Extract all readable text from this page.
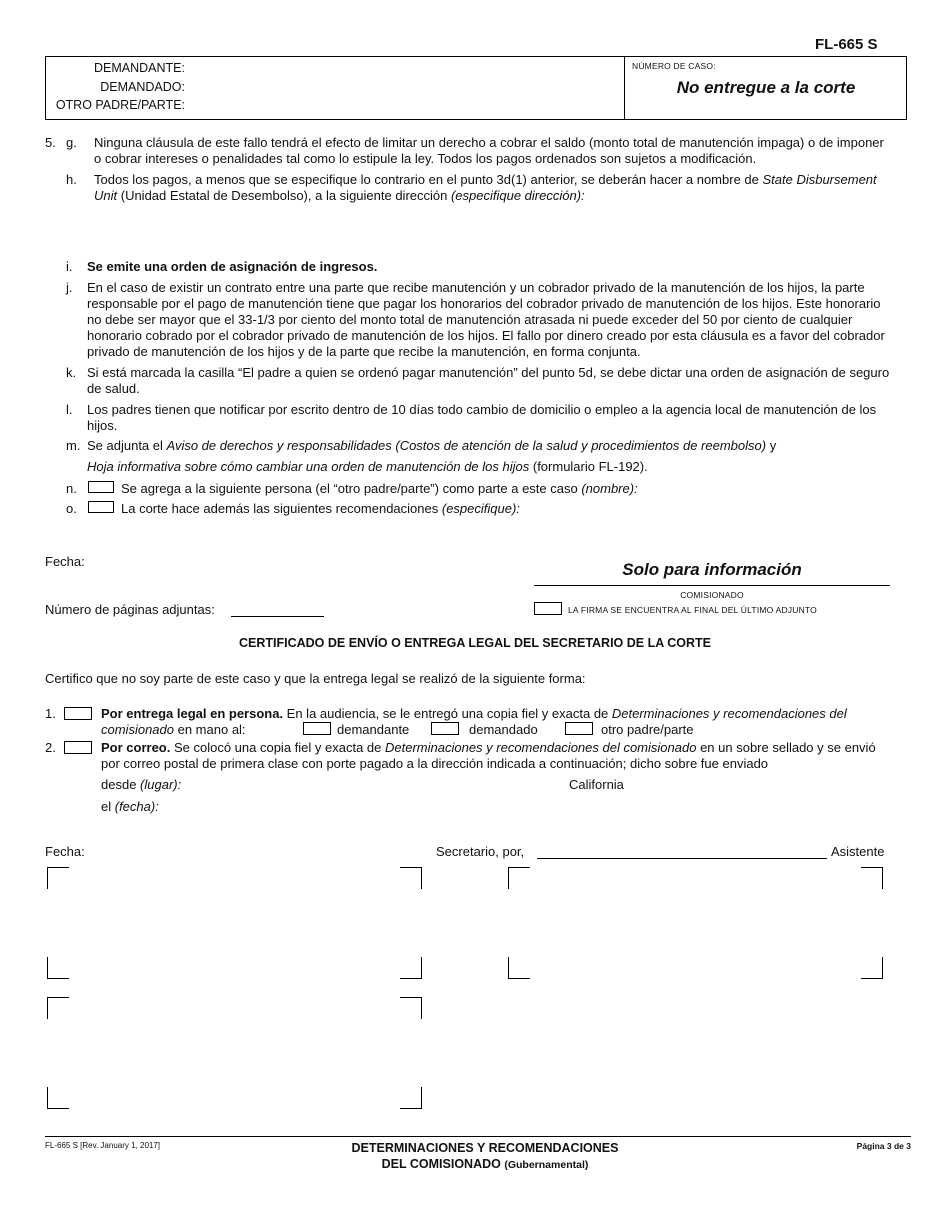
FL-665 S
DEMANDANTE:
DEMANDADO:
OTRO PADRE/PARTE:
NÚMERO DE CASO:
No entregue a la corte
5. g. Ninguna cláusula de este fallo tendrá el efecto de limitar un derecho a cobrar el saldo (monto total de manutención impaga) o de imponer o cobrar intereses o penalidades tal como lo estipule la ley. Todos los pagos ordenados son sujetos a modificación.
h. Todos los pagos, a menos que se especifique lo contrario en el punto 3d(1) anterior, se deberán hacer a nombre de State Disbursement Unit (Unidad Estatal de Desembolso), a la siguiente dirección (especifique dirección):
i. Se emite una orden de asignación de ingresos.
j. En el caso de existir un contrato entre una parte que recibe manutención y un cobrador privado de la manutención de los hijos, la parte responsable por el pago de manutención tiene que pagar los honorarios del cobrador privado de manutención de los hijos. Este honorario no debe ser mayor que el 33-1/3 por ciento del monto total de manutención atrasada ni puede exceder del 50 por ciento de cualquier honorario cobrado por el cobrador privado de manutención de los hijos. El fallo por dinero creado por esta cláusula es a favor del cobrador privado de manutención de los hijos y de la parte que recibe la manutención, en forma conjunta.
k. Si está marcada la casilla “El padre a quien se ordenó pagar manutención” del punto 5d, se debe dictar una orden de asignación de seguro de salud.
l. Los padres tienen que notificar por escrito dentro de 10 días todo cambio de domicilio o empleo a la agencia local de manutención de los hijos.
m. Se adjunta el Aviso de derechos y responsabilidades (Costos de atención de la salud y procedimientos de reembolso) y
Hoja informativa sobre cómo cambiar una orden de manutención de los hijos (formulario FL-192).
n.	Se agrega a la siguiente persona (el “otro padre/parte”) como parte a este caso (nombre):
o.	La corte hace además las siguientes recomendaciones (especifique):
Fecha:	Solo para información
COMISIONADO
Número de páginas adjuntas:	LA FIRMA SE ENCUENTRA AL FINAL DEL ÚLTIMO ADJUNTO
CERTIFICADO DE ENVÍO O ENTREGA LEGAL DEL SECRETARIO DE LA CORTE
Certifico que no soy parte de este caso y que la entrega legal se realizó de la siguiente forma:
1.	Por entrega legal en persona. En la audiencia, se le entregó una copia fiel y exacta de Determinaciones y recomendaciones del comisionado en mano al:	demandante	demandado	otro padre/parte
2.	Por correo. Se colocó una copia fiel y exacta de Determinaciones y recomendaciones del comisionado en un sobre sellado y se envió por correo postal de primera clase con porte pagado a la dirección indicada a continuación; dicho sobre fue enviado
desde (lugar):	California
el (fecha):
Fecha:	Secretario, por,	Asistente
FL-665 S [Rev. January 1, 2017]	DETERMINACIONES Y RECOMENDACIONES
DEL COMISIONADO (Gubernamental)
Página 3 de 3
